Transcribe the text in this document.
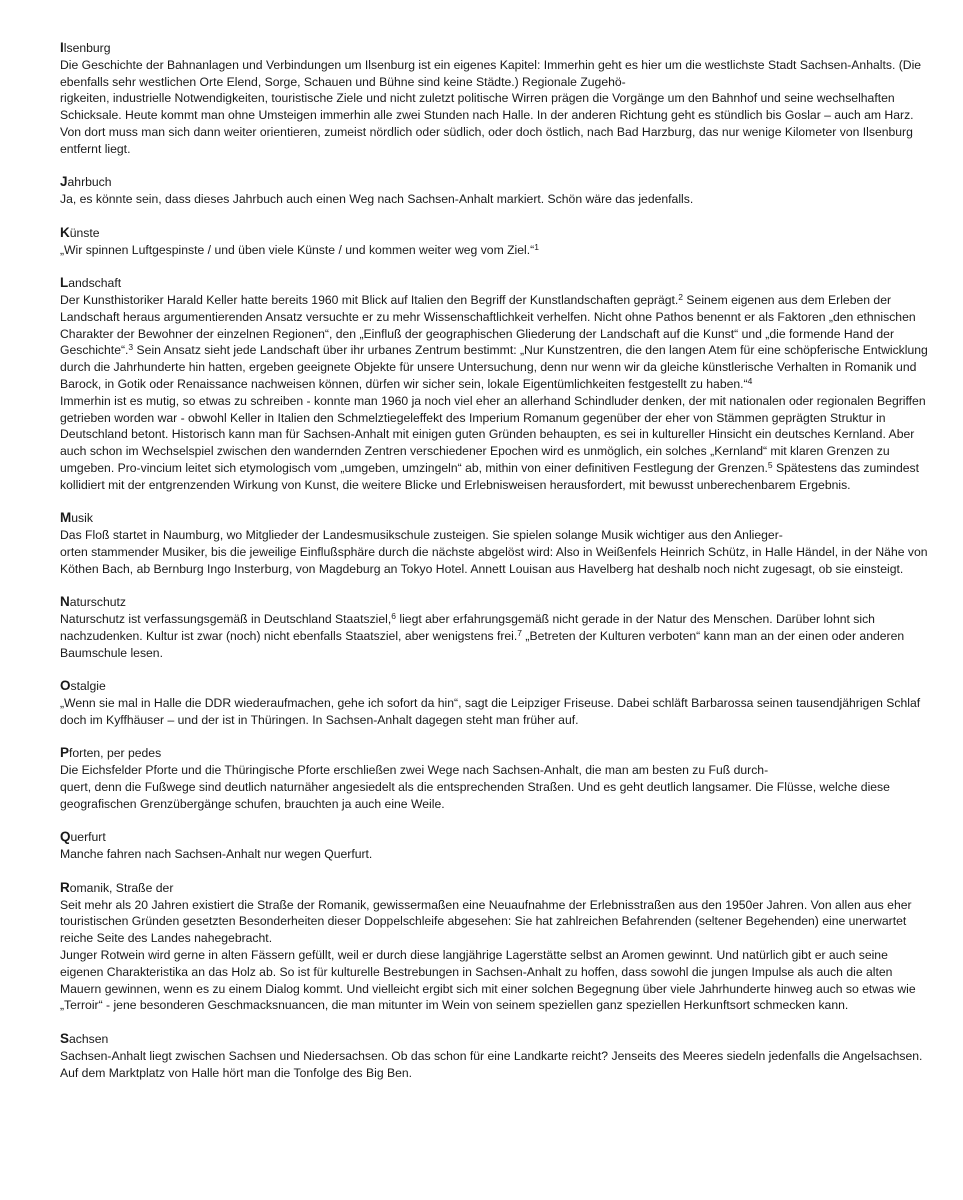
Ilsenburg

Die Geschichte der Bahnanlagen und Verbindungen um Ilsenburg ist ein eigenes Kapitel: Immerhin geht es hier um die westlichste Stadt Sachsen-Anhalts. (Die ebenfalls sehr westlichen Orte Elend, Sorge, Schauen und Bühne sind keine Städte.) Regionale Zugehö-
rigkeiten, industrielle Notwendigkeiten, touristische Ziele und nicht zuletzt politische Wirren prägen die Vorgänge um den Bahnhof und seine wechselhaften Schicksale. Heute kommt man ohne Umsteigen immerhin alle zwei Stunden nach Halle. In der anderen Richtung geht es stündlich bis Goslar – auch am Harz. Von dort muss man sich dann weiter orientieren, zumeist nördlich oder südlich, oder doch östlich, nach Bad Harzburg, das nur wenige Kilometer von Ilsenburg entfernt liegt.

Jahrbuch

Ja, es könnte sein, dass dieses Jahrbuch auch einen Weg nach Sachsen-Anhalt markiert. Schön wäre das jedenfalls.

Künste

„Wir spinnen Luftgespinste / und üben viele Künste / und kommen weiter weg vom Ziel.“$^1$

Landschaft

Der Kunsthistoriker Harald Keller hatte bereits 1960 mit Blick auf Italien den Begriff der Kunstlandschaften geprägt.$^2$ Seinem eigenen aus dem Erleben der Landschaft heraus argumentierenden Ansatz versuchte er zu mehr Wissenschaftlichkeit verhelfen. Nicht ohne Pathos benennt er als Faktoren „den ethnischen Charakter der Bewohner der einzelnen Regionen“, den „Einfluß der geographischen Gliederung der Landschaft auf die Kunst“ und „die formende Hand der Geschichte“.$^3$ Sein Ansatz sieht jede Landschaft über ihr urbanes Zentrum bestimmt: „Nur Kunstzentren, die den langen Atem für eine schöpferische Entwicklung durch die Jahrhunderte hin hatten, ergeben geeignete Objekte für unsere Untersuchung, denn nur wenn wir da gleiche künstlerische Verhalten in Romanik und Barock, in Gotik oder Renaissance nachweisen können, dürfen wir sicher sein, lokale Eigentümlichkeiten festgestellt zu haben.“$^4$

Immerhin ist es mutig, so etwas zu schreiben - konnte man 1960 ja noch viel eher an allerhand Schindluder denken, der mit nationalen oder regionalen Begriffen getrieben worden war - obwohl Keller in Italien den Schmelztiegeleffekt des Imperium Romanum gegenüber der eher von Stämmen geprägten Struktur in Deutschland betont. Historisch kann man für Sachsen-Anhalt mit einigen guten Gründen behaupten, es sei in kultureller Hinsicht ein deutsches Kernland. Aber auch schon im Wechselspiel zwischen den wandernden Zentren verschiedener Epochen wird es unmöglich, ein solches „Kernland“ mit klaren Grenzen zu umgeben. Pro-vincium leitet sich etymologisch vom „umgeben, umzingeln“ ab, mithin von einer definitiven Festlegung der Grenzen.$^5$ Spätestens das zumindest kollidiert mit der entgrenzenden Wirkung von Kunst, die weitere Blicke und Erlebnisweisen herausfordert, mit bewusst unberechenbarem Ergebnis.

Musik

Das Floß startet in Naumburg, wo Mitglieder der Landesmusikschule zusteigen. Sie spielen solange Musik wichtiger aus den Anlieger-
orten stammender Musiker, bis die jeweilige Einflußsphäre durch die nächste abgelöst wird: Also in Weißenfels Heinrich Schütz, in Halle Händel, in der Nähe von Köthen Bach, ab Bernburg Ingo Insterburg, von Magdeburg an Tokyo Hotel. Annett Louisan aus Havelberg hat deshalb noch nicht zugesagt, ob sie einsteigt.

Naturschutz

Naturschutz ist verfassungsgemäß in Deutschland Staatsziel,$^6$ liegt aber erfahrungsgemäß nicht gerade in der Natur des Menschen. Darüber lohnt sich nachzudenken. Kultur ist zwar (noch) nicht ebenfalls Staatsziel, aber wenigstens frei.$^7$ „Betreten der Kulturen verboten“ kann man an der einen oder anderen Baumschule lesen.

Ostalgie

„Wenn sie mal in Halle die DDR wiederaufmachen, gehe ich sofort da hin“, sagt die Leipziger Friseuse. Dabei schläft Barbarossa seinen tausendjährigen Schlaf doch im Kyffhäuser – und der ist in Thüringen. In Sachsen-Anhalt dagegen steht man früher auf.

Pforten, per pedes

Die Eichsfelder Pforte und die Thüringische Pforte erschließen zwei Wege nach Sachsen-Anhalt, die man am besten zu Fuß durch-
quert, denn die Fußwege sind deutlich naturnäher angesiedelt als die entsprechenden Straßen. Und es geht deutlich langsamer. Die Flüsse, welche diese geografischen Grenzübergänge schufen, brauchten ja auch eine Weile.

Querfurt

Manche fahren nach Sachsen-Anhalt nur wegen Querfurt.

Romanik, Straße der

Seit mehr als 20 Jahren existiert die Straße der Romanik, gewissermaßen eine Neuaufnahme der Erlebnisstraßen aus den 1950er Jahren. Von allen aus eher touristischen Gründen gesetzten Besonderheiten dieser Doppelschleife abgesehen: Sie hat zahlreichen Befahrenden (seltener Begehenden) eine unerwartet reiche Seite des Landes nahegebracht.

Junger Rotwein wird gerne in alten Fässern gefüllt, weil er durch diese langjährige Lagerstätte selbst an Aromen gewinnt. Und natürlich gibt er auch seine eigenen Charakteristika an das Holz ab. So ist für kulturelle Bestrebungen in Sachsen-Anhalt zu hoffen, dass sowohl die jungen Impulse als auch die alten Mauern gewinnen, wenn es zu einem Dialog kommt. Und vielleicht ergibt sich mit einer solchen Begegnung über viele Jahrhunderte hinweg auch so etwas wie „Terroir“ - jene besonderen Geschmacksnuancen, die man mitunter im Wein von seinem speziellen ganz speziellen Herkunftsort schmecken kann.

Sachsen

Sachsen-Anhalt liegt zwischen Sachsen und Niedersachsen. Ob das schon für eine Landkarte reicht? Jenseits des Meeres siedeln jedenfalls die Angelsachsen. Auf dem Marktplatz von Halle hört man die Tonfolge des Big Ben.
